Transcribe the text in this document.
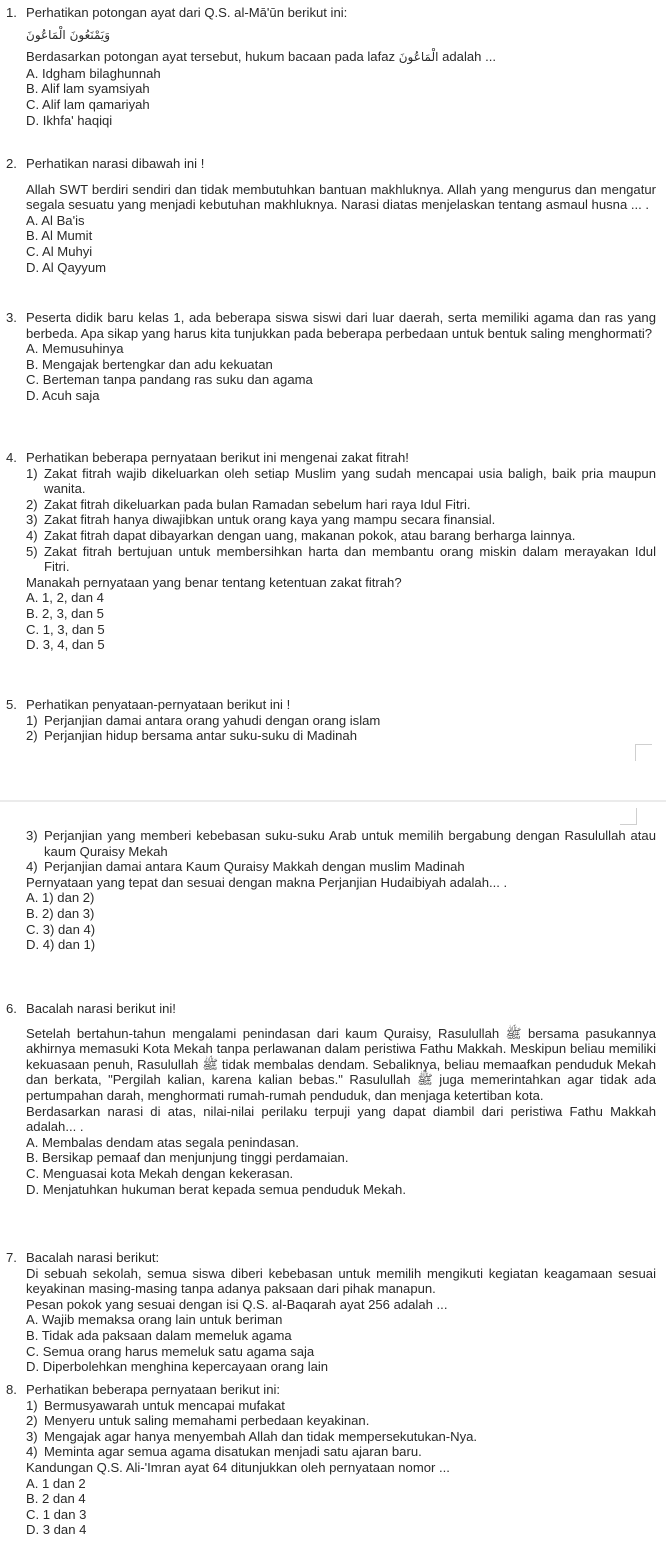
1. Perhatikan potongan ayat dari Q.S. al-Mā'ūn berikut ini:
وَيَمْنَعُونَ الْمَاعُونَ
Berdasarkan potongan ayat tersebut, hukum bacaan pada lafaz الْمَاعُونَ adalah ...
A. Idgham bilaghunnah
B. Alif lam syamsiyah
C. Alif lam qamariyah
D. Ikhfa' haqiqi
2. Perhatikan narasi dibawah ini !
Allah SWT berdiri sendiri dan tidak membutuhkan bantuan makhluknya. Allah yang mengurus dan mengatur segala sesuatu yang menjadi kebutuhan makhluknya. Narasi diatas menjelaskan tentang asmaul husna ... .
A. Al Ba'is
B. Al Mumit
C. Al Muhyi
D. Al Qayyum
3. Peserta didik baru kelas 1, ada beberapa siswa siswi dari luar daerah, serta memiliki agama dan ras yang berbeda. Apa sikap yang harus kita tunjukkan pada beberapa perbedaan untuk bentuk saling menghormati?
A. Memusuhinya
B. Mengajak bertengkar dan adu kekuatan
C. Berteman tanpa pandang ras suku dan agama
D. Acuh saja
4. Perhatikan beberapa pernyataan berikut ini mengenai zakat fitrah!
1) Zakat fitrah wajib dikeluarkan oleh setiap Muslim yang sudah mencapai usia baligh, baik pria maupun wanita.
2) Zakat fitrah dikeluarkan pada bulan Ramadan sebelum hari raya Idul Fitri.
3) Zakat fitrah hanya diwajibkan untuk orang kaya yang mampu secara finansial.
4) Zakat fitrah dapat dibayarkan dengan uang, makanan pokok, atau barang berharga lainnya.
5) Zakat fitrah bertujuan untuk membersihkan harta dan membantu orang miskin dalam merayakan Idul Fitri.
Manakah pernyataan yang benar tentang ketentuan zakat fitrah?
A. 1, 2, dan 4
B. 2, 3, dan 5
C. 1, 3, dan 5
D. 3, 4, dan 5
5. Perhatikan penyataan-pernyataan berikut ini !
1) Perjanjian damai antara orang yahudi dengan orang islam
2) Perjanjian hidup bersama antar suku-suku di Madinah
3) Perjanjian yang memberi kebebasan suku-suku Arab untuk memilih bergabung dengan Rasulullah atau kaum Quraisy Mekah
4) Perjanjian damai antara Kaum Quraisy Makkah dengan muslim Madinah
Pernyataan yang tepat dan sesuai dengan makna Perjanjian Hudaibiyah adalah... .
A. 1) dan 2)
B. 2) dan 3)
C. 3) dan 4)
D. 4) dan 1)
6. Bacalah narasi berikut ini!
Setelah bertahun-tahun mengalami penindasan dari kaum Quraisy, Rasulullah ﷺ bersama pasukannya akhirnya memasuki Kota Mekah tanpa perlawanan dalam peristiwa Fathu Makkah. Meskipun beliau memiliki kekuasaan penuh, Rasulullah ﷺ tidak membalas dendam. Sebaliknya, beliau memaafkan penduduk Mekah dan berkata, "Pergilah kalian, karena kalian bebas." Rasulullah ﷺ juga memerintahkan agar tidak ada pertumpahan darah, menghormati rumah-rumah penduduk, dan menjaga ketertiban kota.
Berdasarkan narasi di atas, nilai-nilai perilaku terpuji yang dapat diambil dari peristiwa Fathu Makkah adalah... .
A. Membalas dendam atas segala penindasan.
B. Bersikap pemaaf dan menjunjung tinggi perdamaian.
C. Menguasai kota Mekah dengan kekerasan.
D. Menjatuhkan hukuman berat kepada semua penduduk Mekah.
7. Bacalah narasi berikut:
Di sebuah sekolah, semua siswa diberi kebebasan untuk memilih mengikuti kegiatan keagamaan sesuai keyakinan masing-masing tanpa adanya paksaan dari pihak manapun.
Pesan pokok yang sesuai dengan isi Q.S. al-Baqarah ayat 256 adalah ...
A. Wajib memaksa orang lain untuk beriman
B. Tidak ada paksaan dalam memeluk agama
C. Semua orang harus memeluk satu agama saja
D. Diperbolehkan menghina kepercayaan orang lain
8. Perhatikan beberapa pernyataan berikut ini:
1) Bermusyawarah untuk mencapai mufakat
2) Menyeru untuk saling memahami perbedaan keyakinan.
3) Mengajak agar hanya menyembah Allah dan tidak mempersekutukan-Nya.
4) Meminta agar semua agama disatukan menjadi satu ajaran baru.
Kandungan Q.S. Ali-'Imran ayat 64 ditunjukkan oleh pernyataan nomor ...
A. 1 dan 2
B. 2 dan 4
C. 1 dan 3
D. 3 dan 4
